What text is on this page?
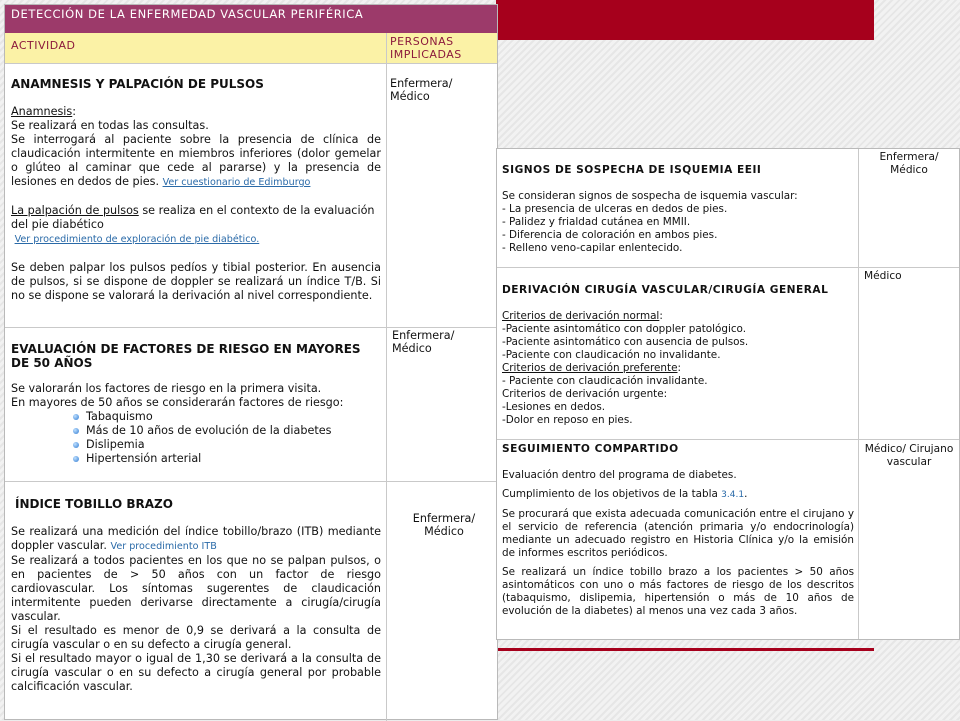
DETECCIÓN DE LA ENFERMEDAD VASCULAR PERIFÉRICA
ACTIVIDAD	PERSONAS
IMPLICADAS

ANAMNESIS Y PALPACIÓN DE PULSOS

Anamnesis:

Se realizará en todas las consultas.

Se interrogará al paciente sobre la presencia de clínica de claudicación intermitente en miembros inferiores (dolor gemelar o glúteo al caminar que cede al pararse) y la presencia de lesiones en dedos de pies. Ver cuestionario de Edimburgo

La palpación de pulsos se realiza en el contexto de la evaluación del pie diabético

Ver procedimiento de exploración de pie diabético.

Se deben palpar los pulsos pedíos y tibial posterior. En ausencia de pulsos, si se dispone de doppler se realizará un índice T/B. Si no se dispone se valorará la derivación al nivel correspondiente.

Enfermera/
Médico

EVALUACIÓN DE FACTORES DE RIESGO EN MAYORES DE 50 AÑOS

Se valorarán los factores de riesgo en la primera visita.

En mayores de 50 años se considerarán factores de riesgo:

Tabaquismo
Más de 10 años de evolución de la diabetes
Dislipemia
Hipertensión arterial
Enfermera/
Médico

ÍNDICE TOBILLO BRAZO

Se realizará una medición del índice tobillo/brazo (ITB) mediante doppler vascular. Ver procedimiento ITB

Se realizará a todos pacientes en los que no se palpan pulsos, o en pacientes de > 50 años con un factor de riesgo cardiovascular. Los síntomas sugerentes de claudicación intermitente pueden derivarse directamente a cirugía/cirugía vascular.

Si el resultado es menor de 0,9 se derivará a la consulta de cirugía vascular o en su defecto a cirugía general.

Si el resultado mayor o igual de 1,30 se derivará a la consulta de cirugía vascular o en su defecto a cirugía general por probable calcificación vascular.

Enfermera/
Médico

SIGNOS DE SOSPECHA DE ISQUEMIA EEII

Se consideran signos de sospecha de isquemia vascular:

- La presencia de ulceras en dedos de pies.

- Palidez y frialdad cutánea en MMII.

- Diferencia de coloración en ambos pies.

- Relleno veno-capilar enlentecido.

Enfermera/
Médico

DERIVACIÓN CIRUGÍA VASCULAR/CIRUGÍA GENERAL

Criterios de derivación normal:

-Paciente asintomático con doppler patológico.

-Paciente asintomático con ausencia de pulsos.

-Paciente con claudicación no invalidante.

Criterios de derivación preferente:

- Paciente con claudicación invalidante.

Criterios de derivación urgente:

-Lesiones en dedos.

-Dolor en reposo en pies.

Médico

SEGUIMIENTO COMPARTIDO

Evaluación dentro del programa de diabetes.

Cumplimiento de los objetivos de la tabla 3.4.1.

Se procurará que exista adecuada comunicación entre el cirujano y el servicio de referencia (atención primaria y/o endocrinología) mediante un adecuado registro en Historia Clínica y/o la emisión de informes escritos periódicos.

Se realizará un índice tobillo brazo a los pacientes > 50 años asintomáticos con uno o más factores de riesgo de los descritos (tabaquismo, dislipemia, hipertensión o más de 10 años de evolución de la diabetes) al menos una vez cada 3 años.

Médico/ Cirujano
vascular
